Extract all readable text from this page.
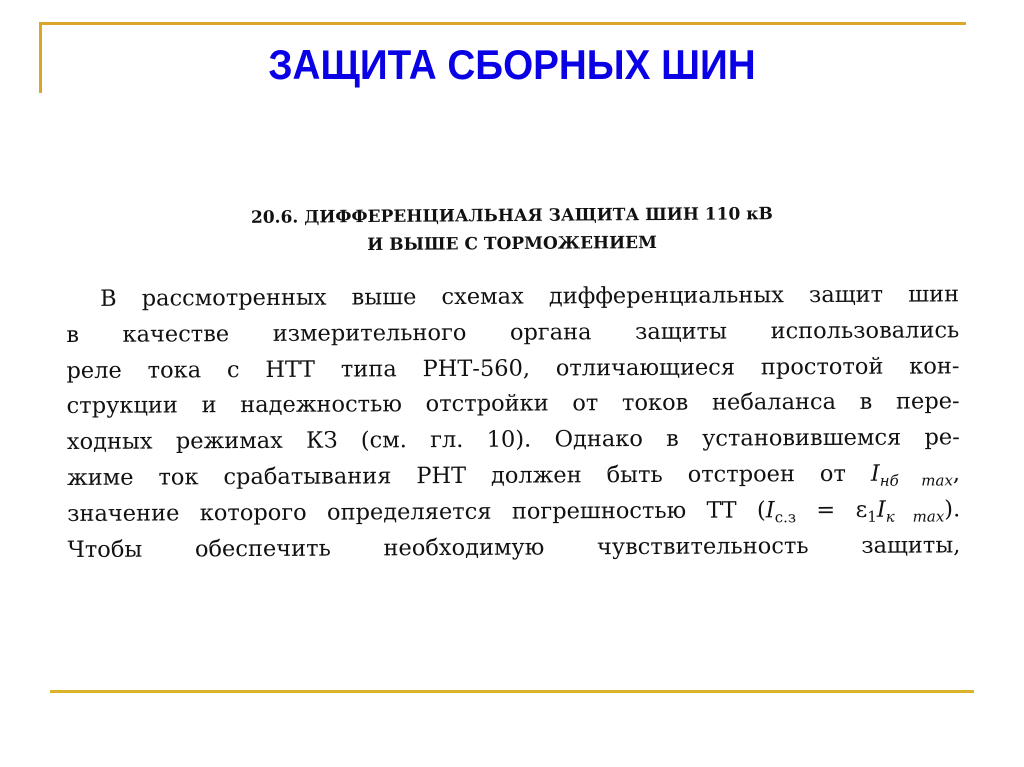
ЗАЩИТА СБОРНЫХ ШИН
20.6. ДИФФЕРЕНЦИАЛЬНАЯ ЗАЩИТА ШИН 110 кВ
И ВЫШЕ С ТОРМОЖЕНИЕМ
В рассмотренных выше схемах дифференциальных защит шин
в качестве измерительного органа защиты использовались
реле тока с НТТ типа РНТ-560, отличающиеся простотой кон-
струкции и надежностью отстройки от токов небаланса в пере-
ходных режимах КЗ (см. гл. 10). Однако в установившемся ре-
жиме ток срабатывания РНТ должен быть отстроен от $I_{нб max}$,
значение которого определяется погрешностью ТТ $(I_{с.з} = \varepsilon_1I_{к max})$.
Чтобы обеспечить необходимую чувствительность защиты,
